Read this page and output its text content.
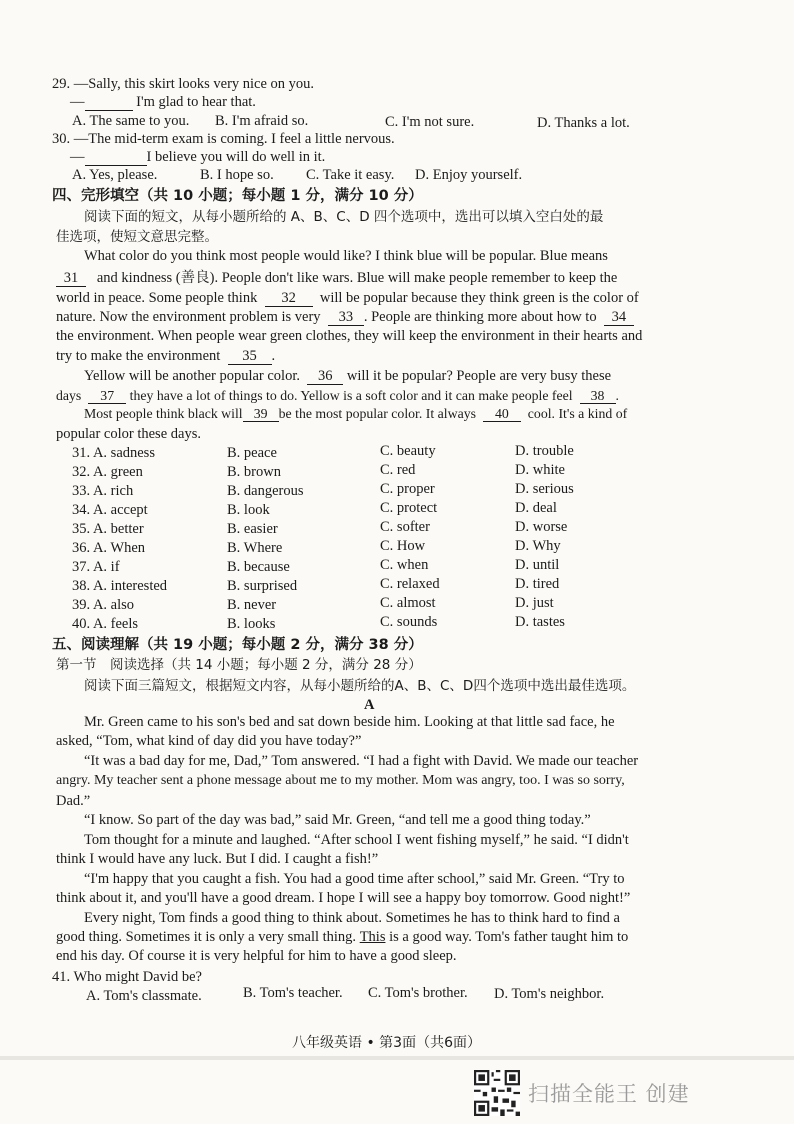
29. —Sally, this skirt looks very nice on you.
—	I'm glad to hear that.
A. The same to you. B. I'm afraid so.	C. I'm not sure.	D. Thanks a lot.
30. —The mid-term exam is coming. I feel a little nervous.
—	I believe you will do well in it.
A. Yes, please.	B. I hope so. C. Take it easy. D. Enjoy yourself.
四、完形填空（共 10 小题；每小题 1 分，满分 10 分）
阅读下面的短文，从每小题所给的 A、B、C、D 四个选项中，选出可以填入空白处的最
佳选项，使短文意思完整。
What color do you think most people would like? I think blue will be popular. Blue means
31 and kindness (善良). People don't like wars. Blue will make people remember to keep the
world in peace. Some people think 32 will be popular because they think green is the color of
nature. Now the environment problem is very 33 . People are thinking more about how to 34
the environment. When people wear green clothes, they will keep the environment in their hearts and
try to make the environment 35 .
Yellow will be another popular color. 36 will it be popular? People are very busy these
days 37 they have a lot of things to do. Yellow is a soft color and it can make people feel 38 .
Most people think black will 39 be the most popular color. It always 40 cool. It's a kind of
popular color these days.
31. A. sadness	B. peace	C. beauty	D. trouble
32. A. green	B. brown	C. red	D. white
33. A. rich	B. dangerous	C. proper	D. serious
34. A. accept	B. look	C. protect	D. deal
35. A. better	B. easier	C. softer	D. worse
36. A. When	B. Where	C. How	D. Why
37. A. if	B. because	C. when	D. until
38. A. interested	B. surprised	C. relaxed	D. tired
39. A. also	B. never	C. almost	D. just
40. A. feels	B. looks	C. sounds	D. tastes
五、阅读理解（共 19 小题；每小题 2 分，满分 38 分）
第一节　阅读选择（共 14 小题；每小题 2 分，满分 28 分）
阅读下面三篇短文，根据短文内容，从每小题所给的A、B、C、D四个选项中选出最佳选项。
A
Mr. Green came to his son's bed and sat down beside him. Looking at that little sad face, he
asked, “Tom, what kind of day did you have today?”
“It was a bad day for me, Dad,” Tom answered. “I had a fight with David. We made our teacher
angry. My teacher sent a phone message about me to my mother. Mom was angry, too. I was so sorry,
Dad.”
“I know. So part of the day was bad,” said Mr. Green, “and tell me a good thing today.”
Tom thought for a minute and laughed. “After school I went fishing myself,” he said. “I didn't
think I would have any luck. But I did. I caught a fish!”
“I'm happy that you caught a fish. You had a good time after school,” said Mr. Green. “Try to
think about it, and you'll have a good dream. I hope I will see a happy boy tomorrow. Good night!”
Every night, Tom finds a good thing to think about. Sometimes he has to think hard to find a
good thing. Sometimes it is only a very small thing. This is a good way. Tom's father taught him to
end his day. Of course it is very helpful for him to have a good sleep.
41. Who might David be?
A. Tom's classmate.	B. Tom's teacher. C. Tom's brother. D. Tom's neighbor.
八年级英语 • 第3面（共6面）
扫描全能王 创建
